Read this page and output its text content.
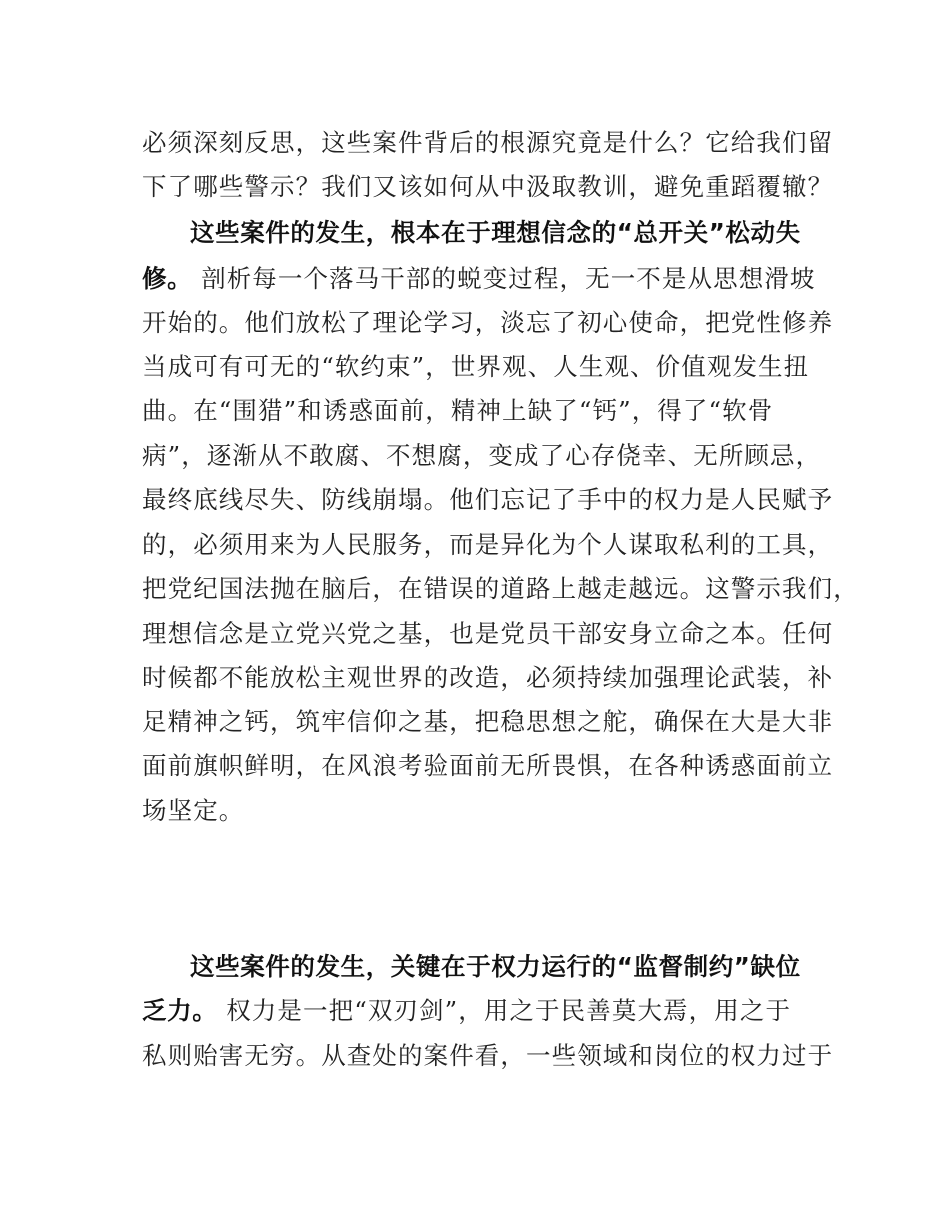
必须深刻反思，这些案件背后的根源究竟是什么？它给我们留
下了哪些警示？我们又该如何从中汲取教训，避免重蹈覆辙？
这些案件的发生，根本在于理想信念的“总开关”松动失
修。 剖析每一个落马干部的蜕变过程，无一不是从思想滑坡
开始的。他们放松了理论学习，淡忘了初心使命，把党性修养
当成可有可无的“软约束”，世界观、人生观、价值观发生扭
曲。在“围猎”和诱惑面前，精神上缺了“钙”，得了“软骨
病”，逐渐从不敢腐、不想腐，变成了心存侥幸、无所顾忌，
最终底线尽失、防线崩塌。他们忘记了手中的权力是人民赋予
的，必须用来为人民服务，而是异化为个人谋取私利的工具，
把党纪国法抛在脑后，在错误的道路上越走越远。这警示我们，
理想信念是立党兴党之基，也是党员干部安身立命之本。任何
时候都不能放松主观世界的改造，必须持续加强理论武装，补
足精神之钙，筑牢信仰之基，把稳思想之舵，确保在大是大非
面前旗帜鲜明，在风浪考验面前无所畏惧，在各种诱惑面前立
场坚定。
这些案件的发生，关键在于权力运行的“监督制约”缺位
乏力。 权力是一把“双刃剑”，用之于民善莫大焉，用之于
私则贻害无穷。从查处的案件看，一些领域和岗位的权力过于
